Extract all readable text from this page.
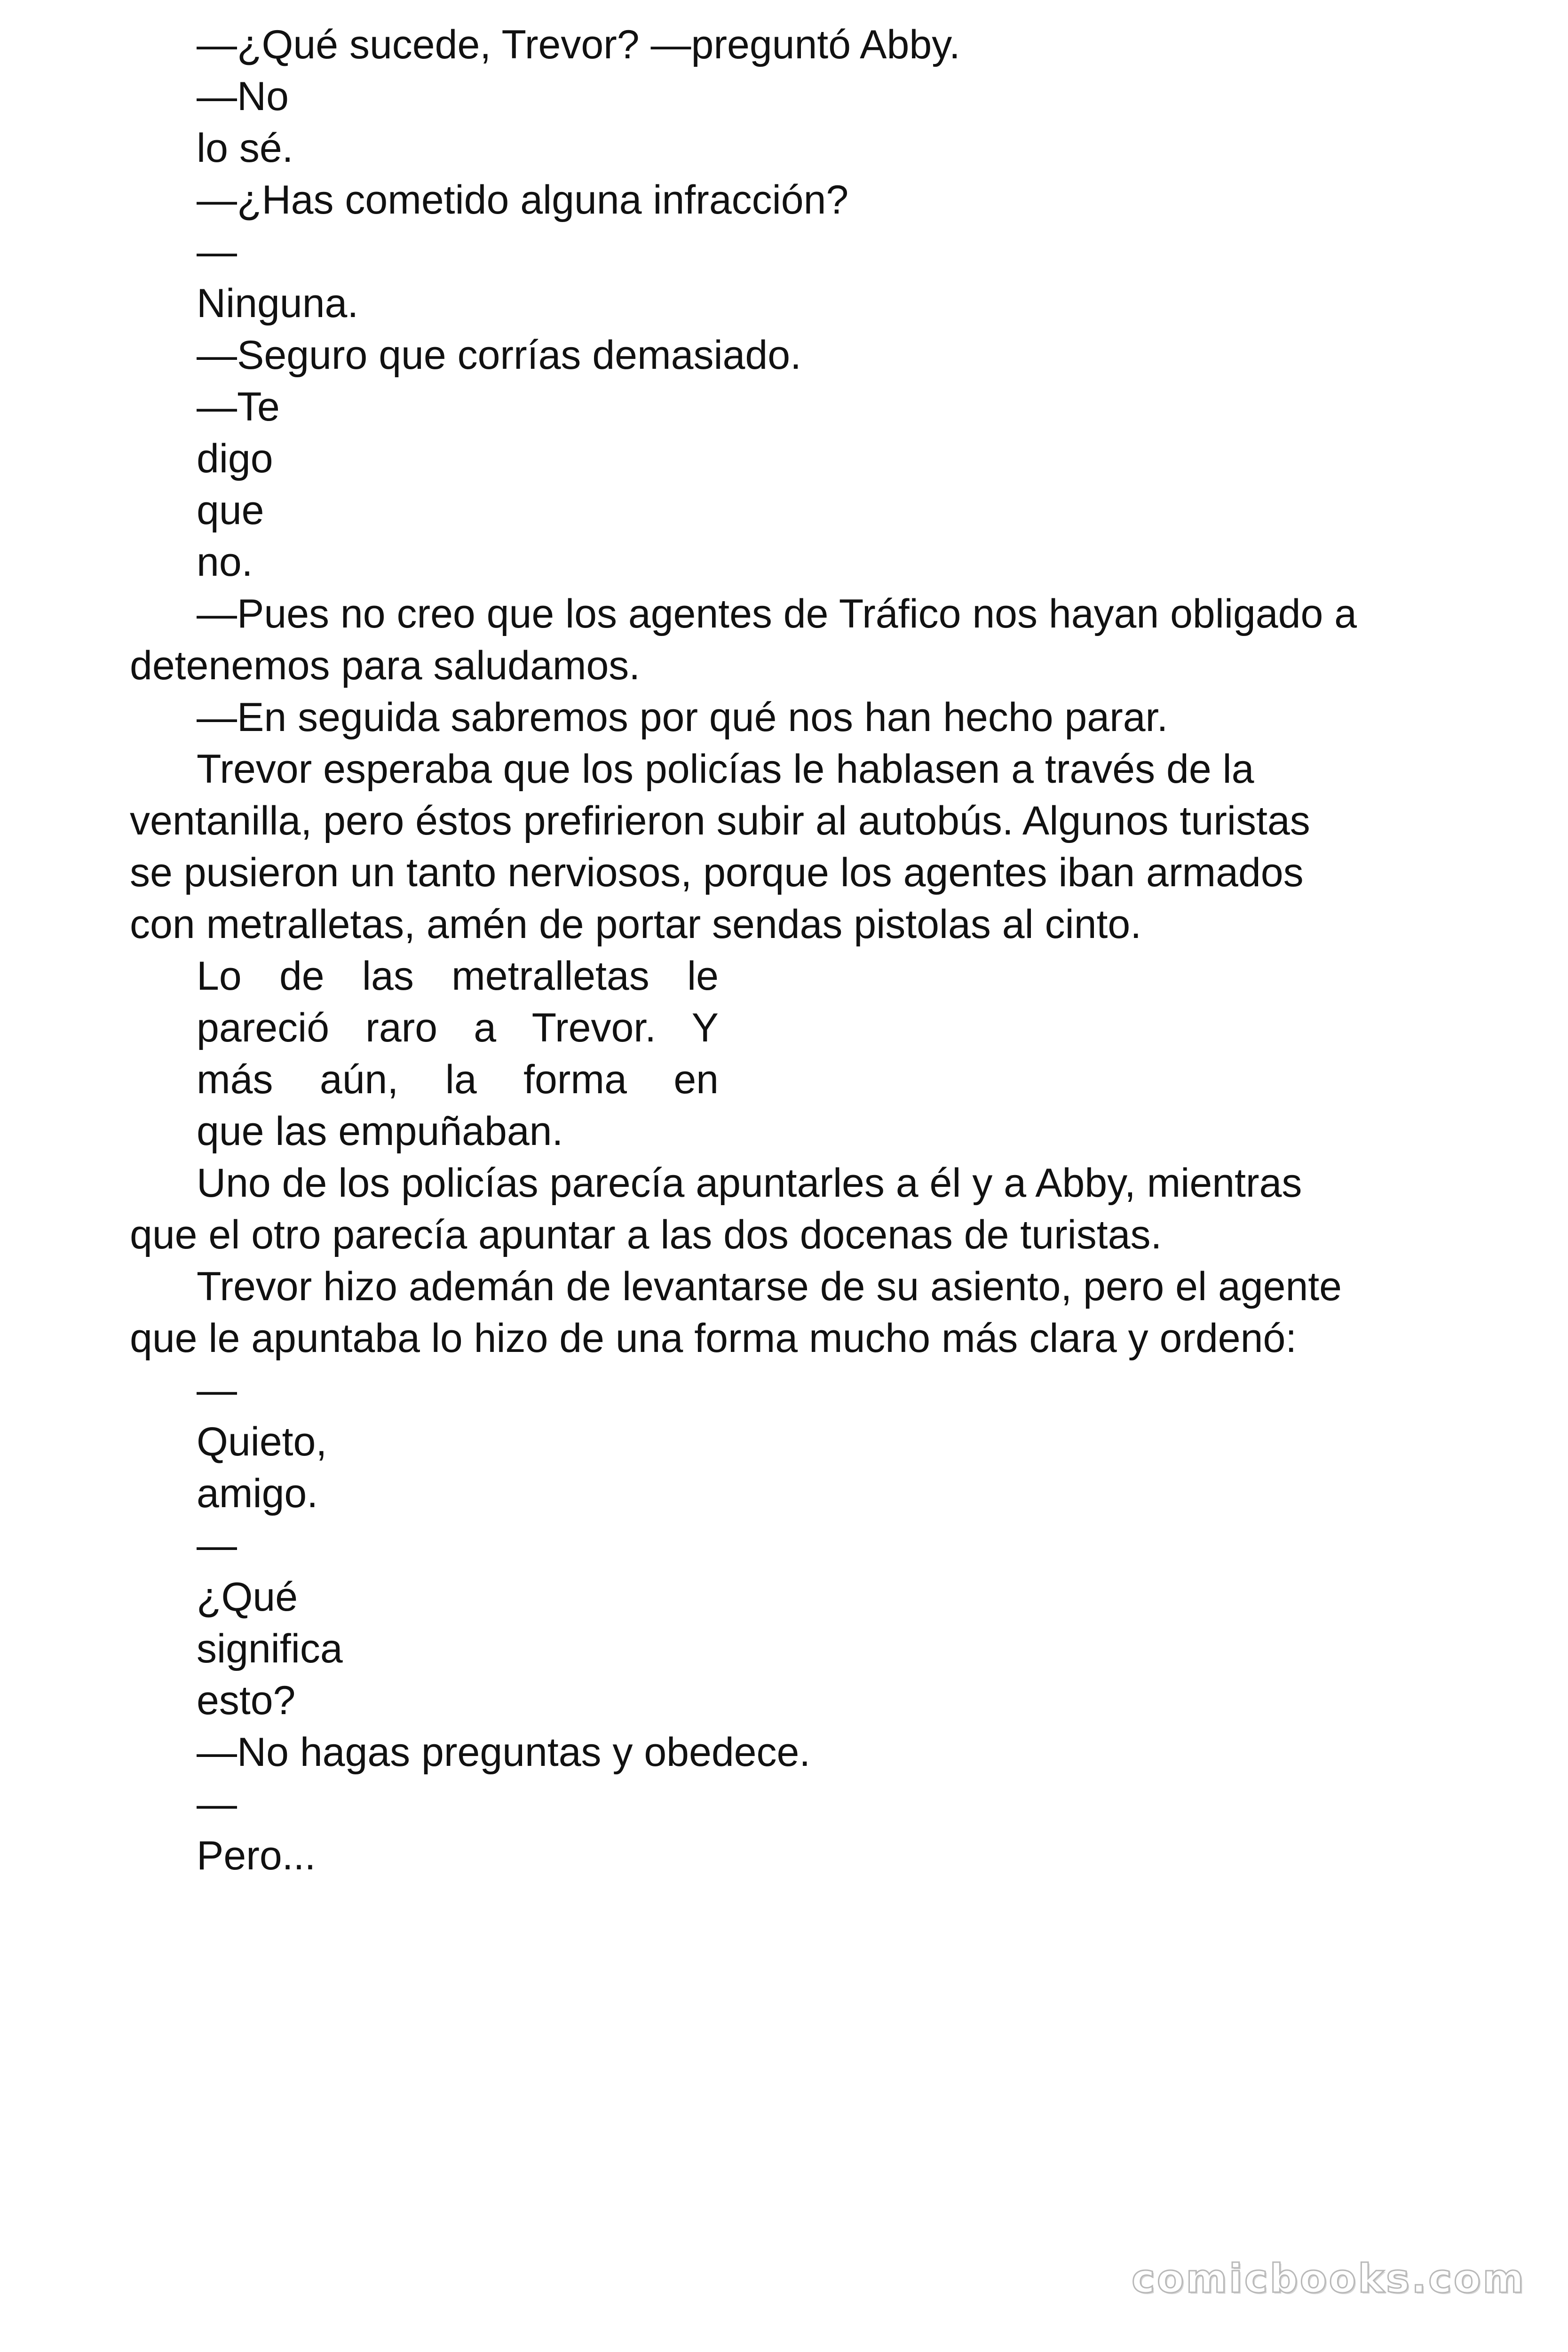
—¿Qué sucede, Trevor? —preguntó Abby.
—No
lo sé.
—¿Has cometido alguna infracción?
—
Ninguna.
—Seguro que corrías demasiado.
—Te
digo
que
no.
—Pues no creo que los agentes de Tráfico nos hayan obligado a
detenemos para saludamos.
—En seguida sabremos por qué nos han hecho parar.
Trevor esperaba que los policías le hablasen a través de la
ventanilla, pero éstos prefirieron subir al autobús. Algunos turistas
se pusieron un tanto nerviosos, porque los agentes iban armados
con metralletas, amén de portar sendas pistolas al cinto.
Lo de las metralletas le
pareció raro a Trevor. Y
más aún, la forma en
que las empuñaban.
Uno de los policías parecía apuntarles a él y a Abby, mientras
que el otro parecía apuntar a las dos docenas de turistas.
Trevor hizo ademán de levantarse de su asiento, pero el agente
que le apuntaba lo hizo de una forma mucho más clara y ordenó:
—
Quieto,
amigo.
—
¿Qué
significa
esto?
—No hagas preguntas y obedece.
—
Pero...
comicbooks.com
